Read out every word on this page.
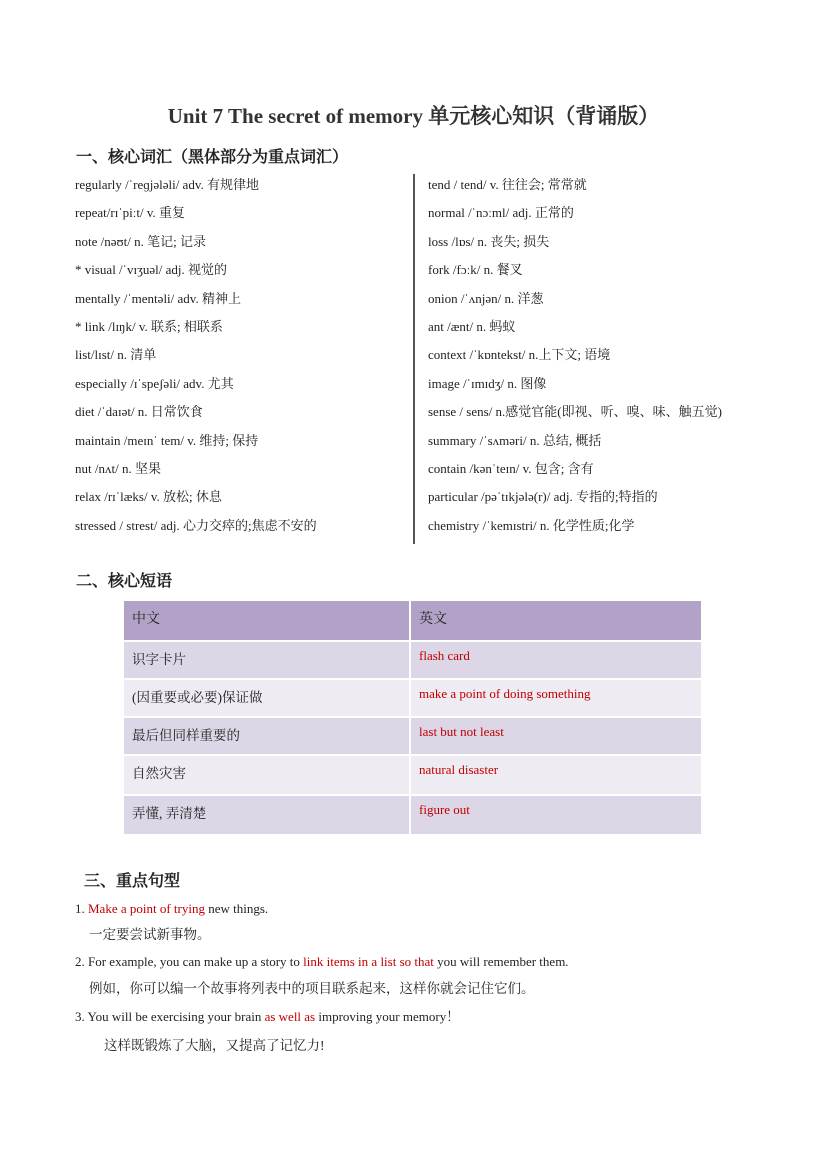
Unit 7 The secret of memory 单元核心知识（背诵版）
一、核心词汇（黑体部分为重点词汇）
regularly /ˈreɡjələli/ adv. 有规律地
repeat/rɪˈpiːt/ v. 重复
note /nəʊt/ n. 笔记; 记录
* visual /ˈvɪʒuəl/ adj. 视觉的
mentally /ˈmentəli/ adv. 精神上
* link /lɪŋk/ v. 联系; 相联系
list/lɪst/ n. 清单
especially /ɪˈspeʃəli/ adv. 尤其
diet /ˈdaɪət/ n. 日常饮食
maintain /meɪnˈ tem/ v. 维持; 保持
nut /nʌt/ n. 坚果
relax /rɪˈlæks/ v. 放松; 休息
stressed / strest/ adj. 心力交瘁的;焦虑不安的
tend / tend/ v. 往往会; 常常就
normal /ˈnɔːml/ adj. 正常的
loss /lɒs/ n. 丧失; 损失
fork /fɔːk/ n. 餐叉
onion /ˈʌnjən/ n. 洋葱
ant /ænt/ n. 蚂蚁
context /ˈkɒntekst/ n.上下文; 语境
image /ˈɪmɪdʒ/ n. 图像
sense / sens/ n.感觉官能(即视、听、嗅、味、触五觉)
summary /ˈsʌməri/ n. 总结, 概括
contain /kənˈteɪn/ v. 包含; 含有
particular /pəˈtɪkjələ(r)/ adj. 专指的;特指的
chemistry /ˈkemɪstri/ n. 化学性质;化学
二、核心短语
中文	英文
识字卡片	flash card
(因重要或必要)保证做	make a point of doing something
最后但同样重要的	last but not least
自然灾害	natural disaster
弄懂, 弄清楚	figure out
三、重点句型
1. Make a point of trying new things.
一定要尝试新事物。
2. For example, you can make up a story to link items in a list so that you will remember them.
例如，你可以编一个故事将列表中的项目联系起来，这样你就会记住它们。
3. You will be exercising your brain as well as improving your memory！
这样既锻炼了大脑，又提高了记忆力!
